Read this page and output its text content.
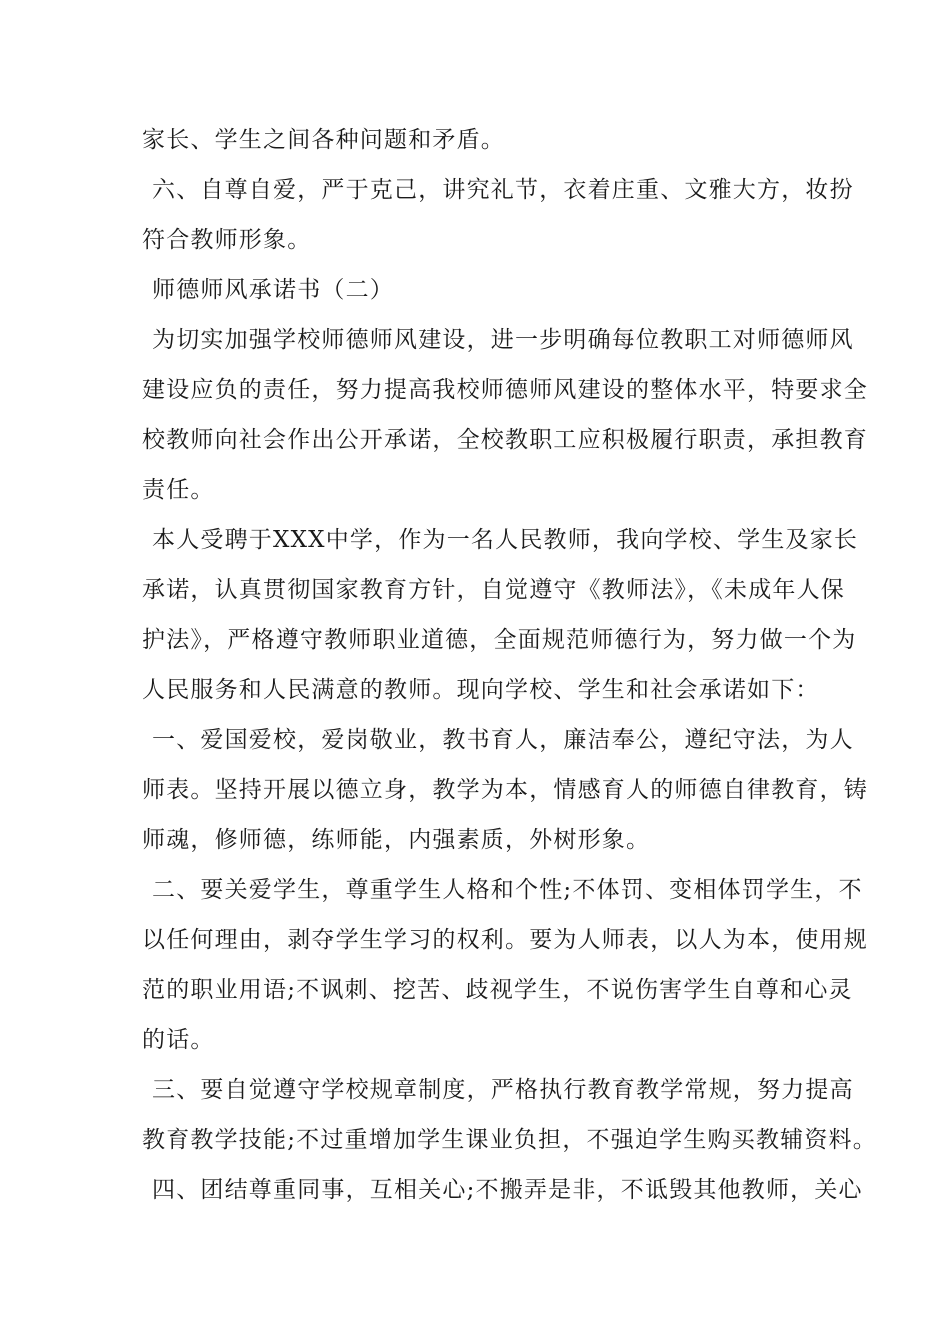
家长、学生之间各种问题和矛盾。
六、自尊自爱，严于克己，讲究礼节，衣着庄重、文雅大方，妆扮
符合教师形象。
师德师风承诺书（二）
为切实加强学校师德师风建设，进一步明确每位教职工对师德师风
建设应负的责任，努力提高我校师德师风建设的整体水平，特要求全
校教师向社会作出公开承诺，全校教职工应积极履行职责，承担教育
责任。
本人受聘于XXX中学，作为一名人民教师，我向学校、学生及家长
承诺，认真贯彻国家教育方针，自觉遵守《教师法》，《未成年人保
护法》，严格遵守教师职业道德，全面规范师德行为，努力做一个为
人民服务和人民满意的教师。现向学校、学生和社会承诺如下：
一、爱国爱校，爱岗敬业，教书育人，廉洁奉公，遵纪守法，为人
师表。坚持开展以德立身，教学为本，情感育人的师德自律教育，铸
师魂，修师德，练师能，内强素质，外树形象。
二、要关爱学生，尊重学生人格和个性;不体罚、变相体罚学生，不
以任何理由，剥夺学生学习的权利。要为人师表，以人为本，使用规
范的职业用语;不讽刺、挖苦、歧视学生，不说伤害学生自尊和心灵
的话。
三、要自觉遵守学校规章制度，严格执行教育教学常规，努力提高
教育教学技能;不过重增加学生课业负担，不强迫学生购买教辅资料。
四、团结尊重同事，互相关心;不搬弄是非，不诋毁其他教师，关心
